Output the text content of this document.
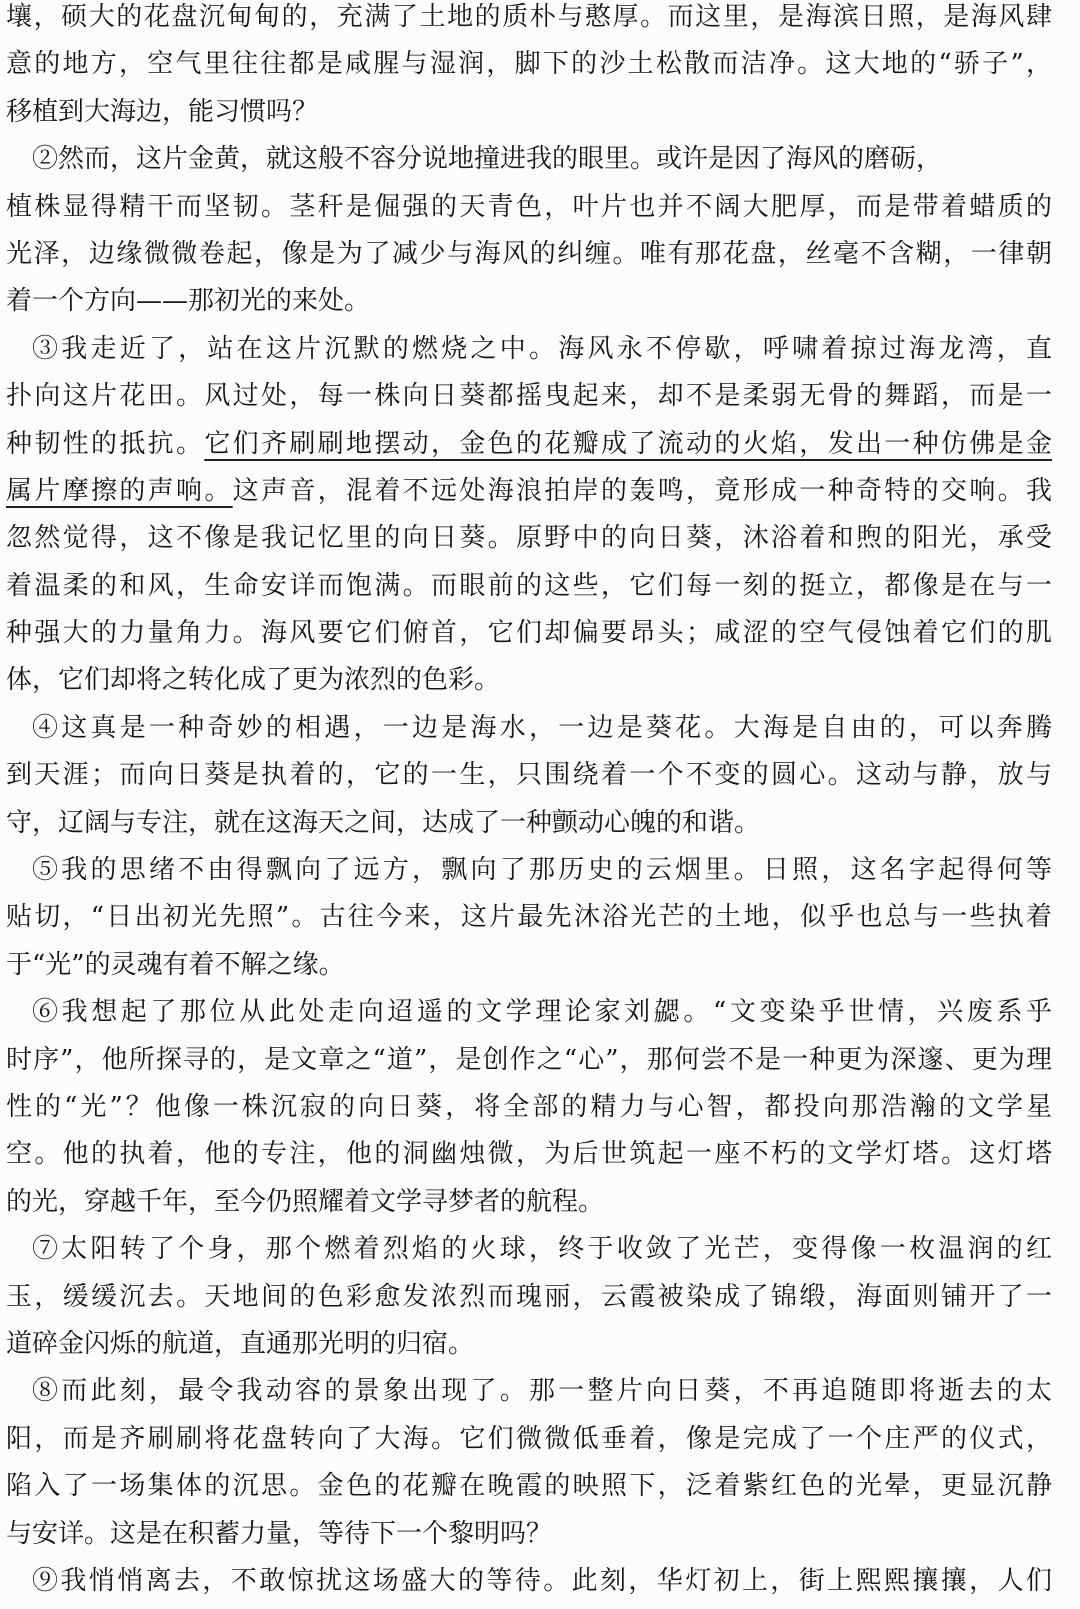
壤，硕大的花盘沉甸甸的，充满了土地的质朴与憨厚。而这里，是海滨日照，是海风肆
意的地方，空气里往往都是咸腥与湿润，脚下的沙土松散而洁净。这大地的“骄子”，
移植到大海边，能习惯吗？
②然而，这片金黄，就这般不容分说地撞进我的眼里。或许是因了海风的磨砺，
植株显得精干而坚韧。茎秆是倔强的天青色，叶片也并不阔大肥厚，而是带着蜡质的
光泽，边缘微微卷起，像是为了减少与海风的纠缠。唯有那花盘，丝毫不含糊，一律朝
着一个方向——那初光的来处。
③我走近了，站在这片沉默的燃烧之中。海风永不停歇，呼啸着掠过海龙湾，直
扑向这片花田。风过处，每一株向日葵都摇曳起来，却不是柔弱无骨的舞蹈，而是一
种韧性的抵抗。它们齐刷刷地摆动，金色的花瓣成了流动的火焰，发出一种仿佛是金
属片摩擦的声响。这声音，混着不远处海浪拍岸的轰鸣，竟形成一种奇特的交响。我
忽然觉得，这不像是我记忆里的向日葵。原野中的向日葵，沐浴着和煦的阳光，承受
着温柔的和风，生命安详而饱满。而眼前的这些，它们每一刻的挺立，都像是在与一
种强大的力量角力。海风要它们俯首，它们却偏要昂头；咸涩的空气侵蚀着它们的肌
体，它们却将之转化成了更为浓烈的色彩。
④这真是一种奇妙的相遇，一边是海水，一边是葵花。大海是自由的，可以奔腾
到天涯；而向日葵是执着的，它的一生，只围绕着一个不变的圆心。这动与静，放与
守，辽阔与专注，就在这海天之间，达成了一种颤动心魄的和谐。
⑤我的思绪不由得飘向了远方，飘向了那历史的云烟里。日照，这名字起得何等
贴切，“日出初光先照”。古往今来，这片最先沐浴光芒的土地，似乎也总与一些执着
于“光”的灵魂有着不解之缘。
⑥我想起了那位从此处走向迢遥的文学理论家刘勰。“文变染乎世情，兴废系乎
时序”，他所探寻的，是文章之“道”，是创作之“心”，那何尝不是一种更为深邃、更为理
性的“光”？他像一株沉寂的向日葵，将全部的精力与心智，都投向那浩瀚的文学星
空。他的执着，他的专注，他的洞幽烛微，为后世筑起一座不朽的文学灯塔。这灯塔
的光，穿越千年，至今仍照耀着文学寻梦者的航程。
⑦太阳转了个身，那个燃着烈焰的火球，终于收敛了光芒，变得像一枚温润的红
玉，缓缓沉去。天地间的色彩愈发浓烈而瑰丽，云霞被染成了锦缎，海面则铺开了一
道碎金闪烁的航道，直通那光明的归宿。
⑧而此刻，最令我动容的景象出现了。那一整片向日葵，不再追随即将逝去的太
阳，而是齐刷刷将花盘转向了大海。它们微微低垂着，像是完成了一个庄严的仪式，
陷入了一场集体的沉思。金色的花瓣在晚霞的映照下，泛着紫红色的光晕，更显沉静
与安详。这是在积蓄力量，等待下一个黎明吗？
⑨我悄悄离去，不敢惊扰这场盛大的等待。此刻，华灯初上，街上熙熙攘攘，人们
